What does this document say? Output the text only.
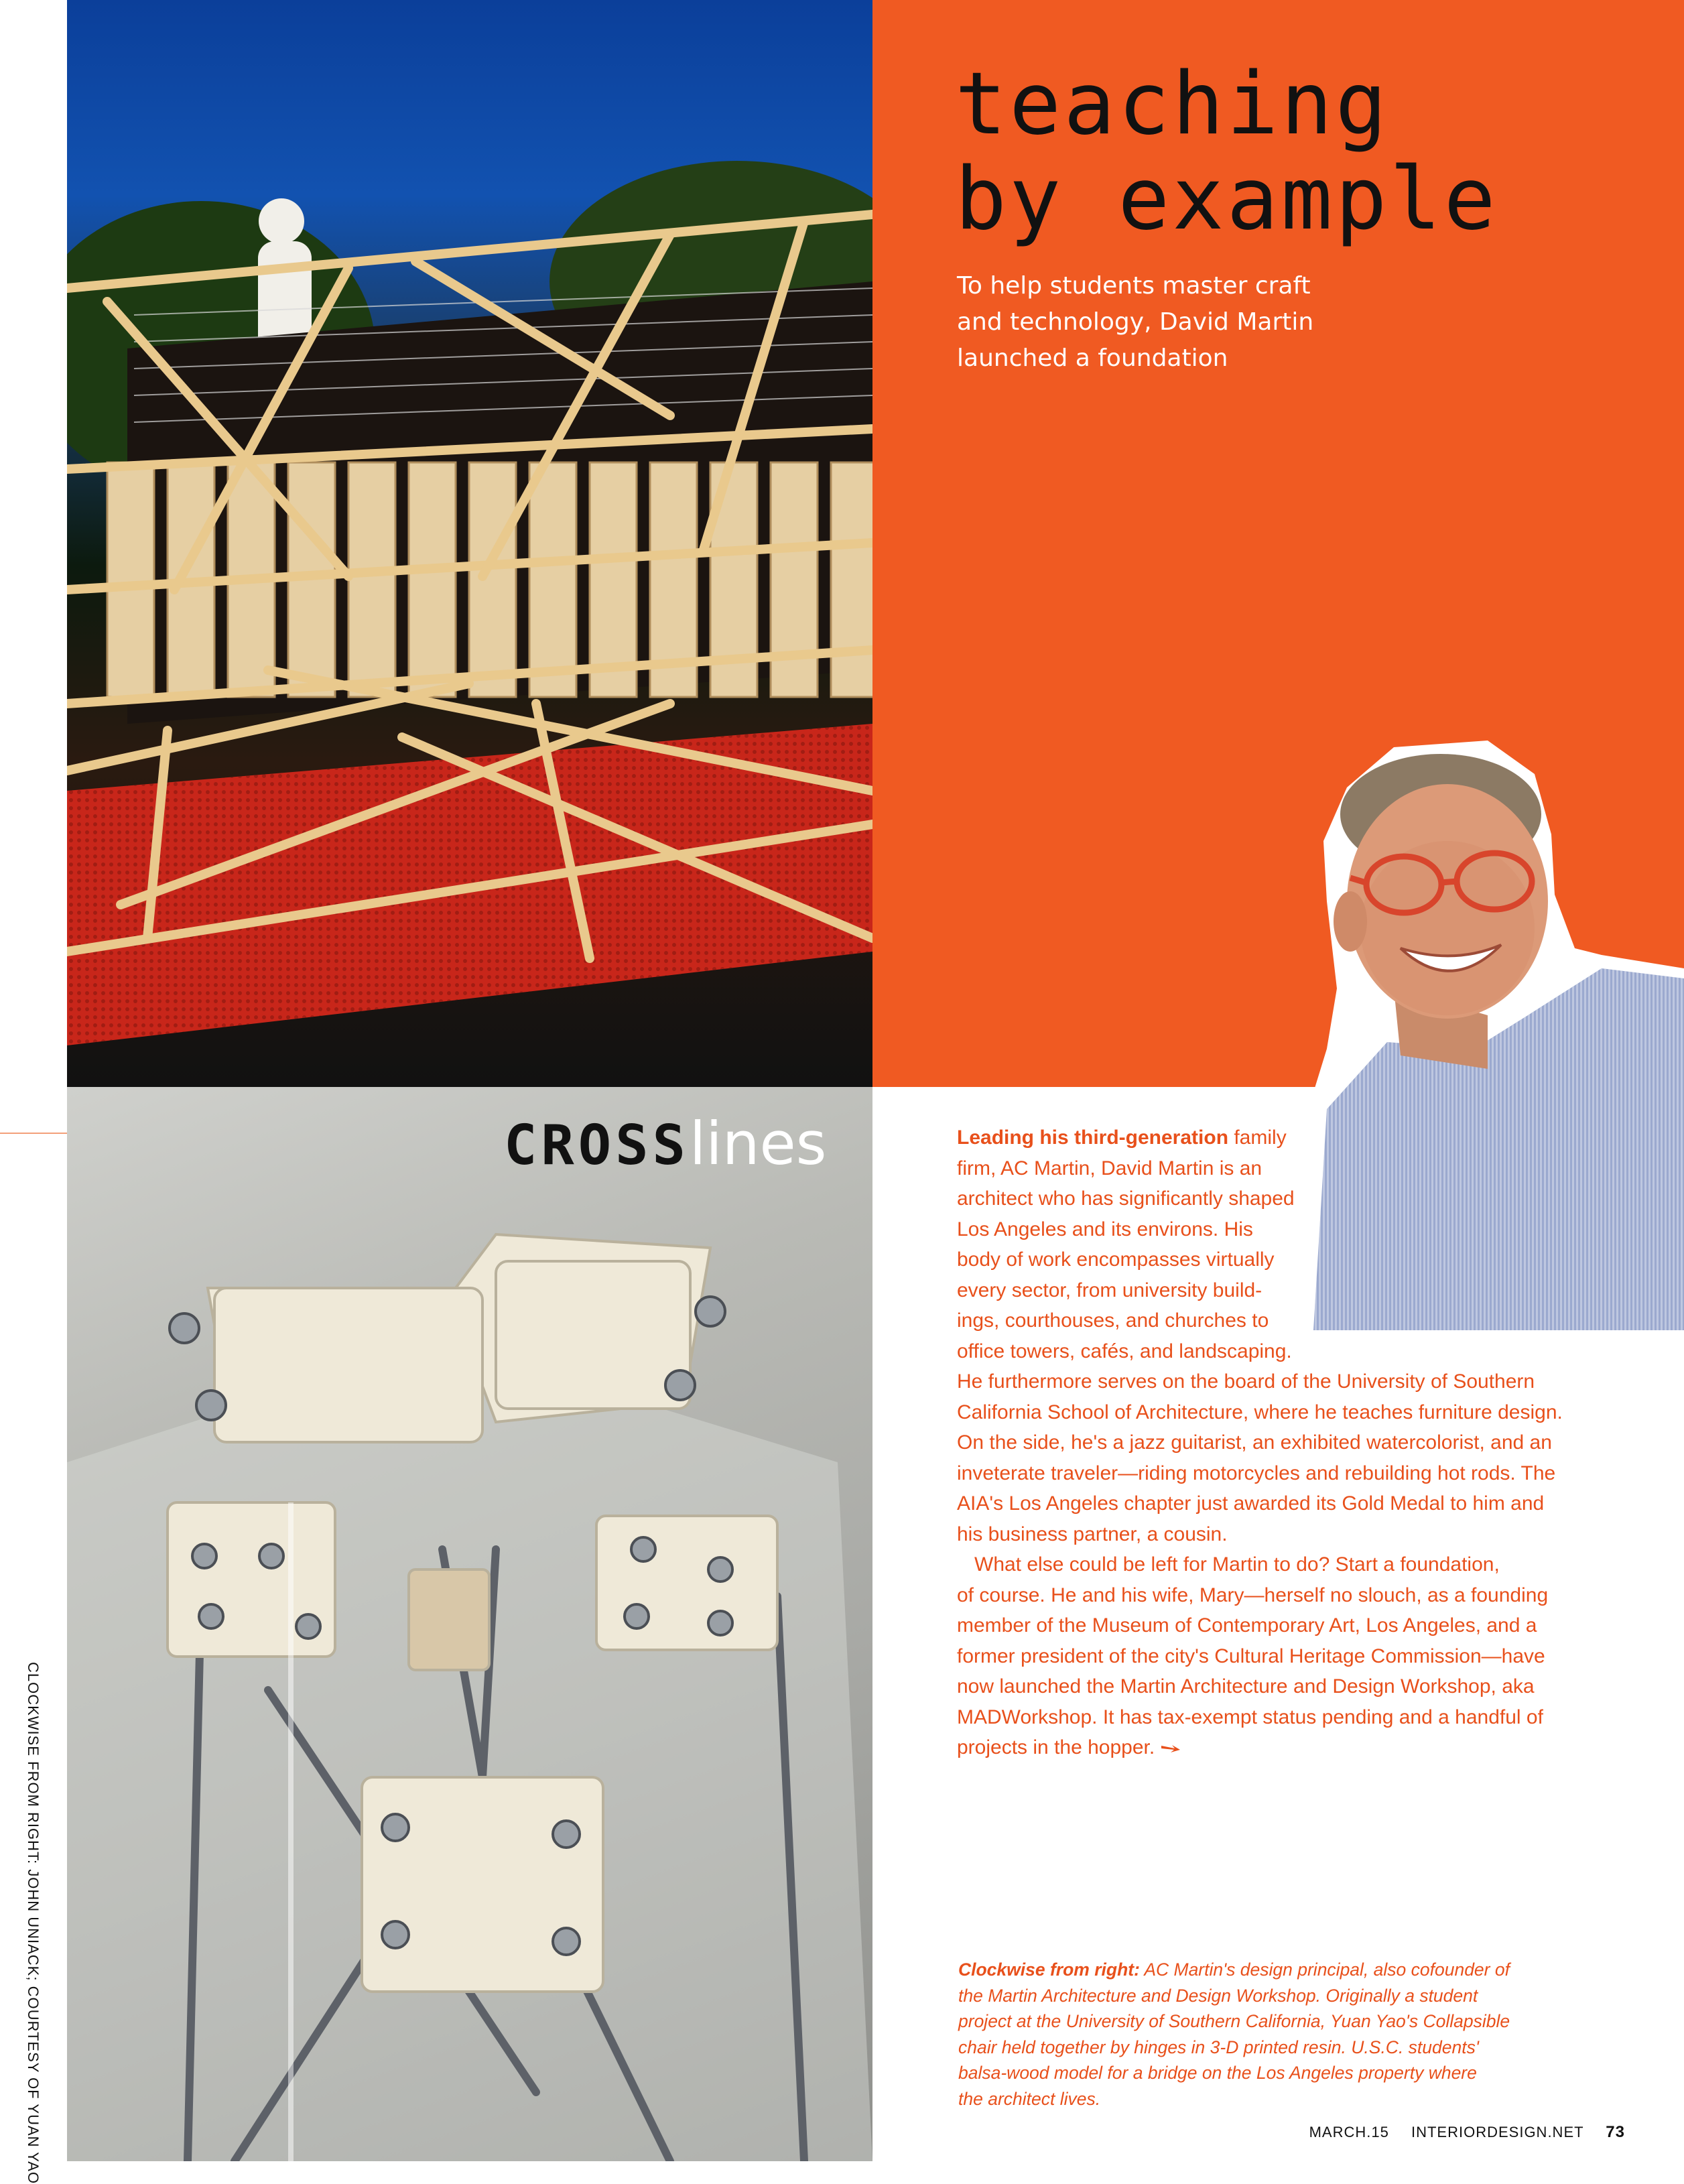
teaching
by example

To help students master craft
and technology, David Martin
launched a foundation

CROSSlines	Leading his third-generation family
firm, AC Martin, David Martin is an
architect who has significantly shaped
Los Angeles and its environs. His
body of work encompasses virtually
every sector, from university build-
ings, courthouses, and churches to
office towers, cafés, and landscaping.
He furthermore serves on the board of the University of Southern
California School of Architecture, where he teaches furniture design.
On the side, he's a jazz guitarist, an exhibited watercolorist, and an
inveterate traveler—riding motorcycles and rebuilding hot rods. The
AIA's Los Angeles chapter just awarded its Gold Medal to him and
his business partner, a cousin.
What else could be left for Martin to do? Start a foundation,
of course. He and his wife, Mary—herself no slouch, as a founding
member of the Museum of Contemporary Art, Los Angeles, and a
former president of the city's Cultural Heritage Commission—have
now launched the Martin Architecture and Design Workshop, aka
MADWorkshop. It has tax-exempt status pending and a handful of
projects in the hopper.
Clockwise from right: AC Martin's design principal, also cofounder of
the Martin Architecture and Design Workshop. Originally a student
project at the University of Southern California, Yuan Yao's Collapsible
chair held together by hinges in 3-D printed resin. U.S.C. students'
balsa-wood model for a bridge on the Los Angeles property where
the architect lives.
CLOCKWISE FROM RIGHT: JOHN UNIACK; COURTESY OF YUAN YAO	MARCH.15 INTERIORDESIGN.NET 73
